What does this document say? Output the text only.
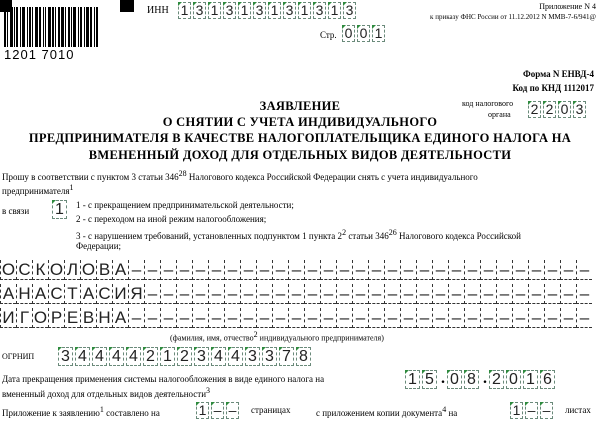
1201 7010
ИНН 1 3 1 3 1 3 1 3 1 3 1 3	Приложение N 4
к приказу ФНС России от 11.12.2012 N ММВ-7-6/941@
Стр. 0 0 1
Форма N ЕНВД-4
Код по КНД 1112017
код налогового
органа 2 2 0 3
ЗАЯВЛЕНИЕ
О СНЯТИИ С УЧЕТА ИНДИВИДУАЛЬНОГО
ПРЕДПРИНИМАТЕЛЯ В КАЧЕСТВЕ НАЛОГОПЛАТЕЛЬЩИКА ЕДИНОГО НАЛОГА НА
ВМЕНЕННЫЙ ДОХОД ДЛЯ ОТДЕЛЬНЫХ ВИДОВ ДЕЯТЕЛЬНОСТИ
Прошу в соответствии с пунктом 3 статьи $346^{28}$ Налогового кодекса Российской Федерации снять с учета индивидуального
предпринимателя$^1$
в связи 1	1 - с прекращением предпринимательской деятельности;
2 - с переходом на иной режим налогообложения;
3 - с нарушением требований, установленных подпунктом 1 пункта $2^2$ статьи $346^{26}$ Налогового кодекса Российской
Федерации;
О С К О Л О В А – – – – – – – – – – – – – – – – – – – – – – – – – – – – –
А Н А С Т А С И Я – – – – – – – – – – – – – – – – – – – – – – – – – – – –
И Г О Р Е В Н А – – – – – – – – – – – – – – – – – – – – – – – – – – – – –
(фамилия, имя, отчество$^2$ индивидуального предпринимателя)
ОГРНИП 3 4 4 4 4 2 1 2 3 4 4 3 3 7 8
Дата прекращения применения системы налогообложения в виде единого налога на
вмененный доход для отдельных видов деятельности$^3$
1 5 . 0 8 . 2 0 1 6
Приложение к заявлению$^1$ составлено на	1 – – страницах	с приложением копии документа$^4$ на	1 – – листах
